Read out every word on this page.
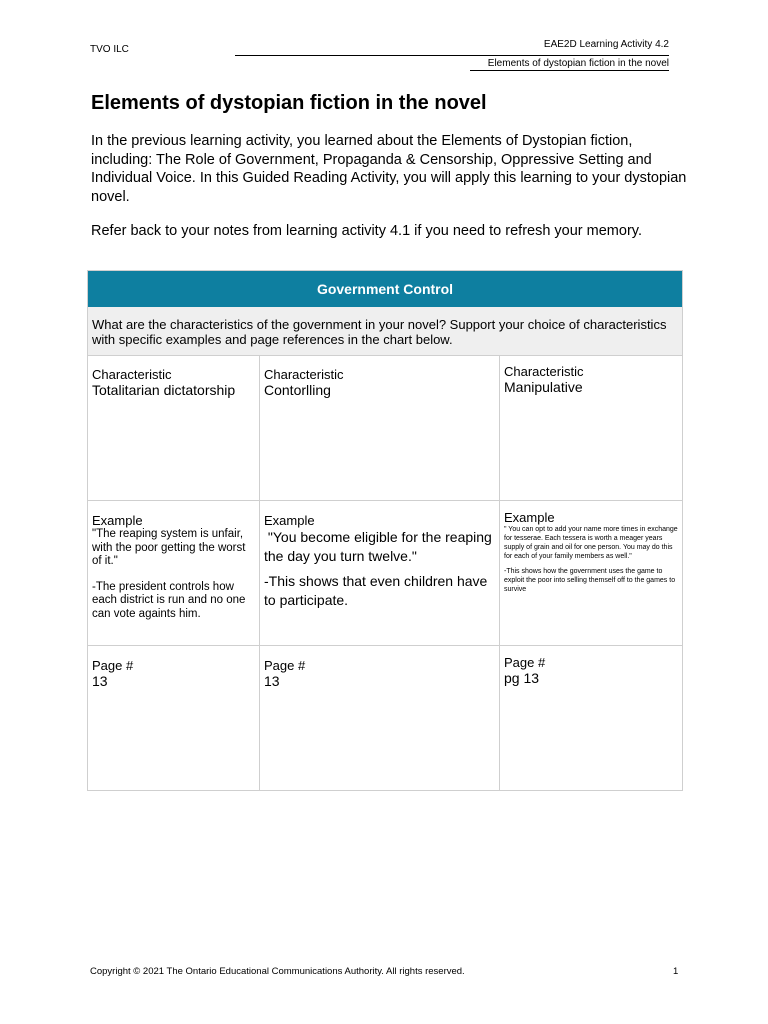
TVO ILC	EAE2D Learning Activity 4.2
Elements of dystopian fiction in the novel
Elements of dystopian fiction in the novel

In the previous learning activity, you learned about the Elements of Dystopian fiction, including: The Role of Government, Propaganda & Censorship, Oppressive Setting and Individual Voice. In this Guided Reading Activity, you will apply this learning to your dystopian novel.

Refer back to your notes from learning activity 4.1 if you need to refresh your memory.

Government Control
What are the characteristics of the government in your novel? Support your choice of characteristics with specific examples and page references in the chart below.
Characteristic
Totalitarian dictatorship
Characteristic
Contorlling
Characteristic
Manipulative
Example
"The reaping system is unfair, with the poor getting the worst of it."
-The president controls how each district is run and no one can vote againts him.
Example
"You become eligible for the reaping the day you turn twelve."
-This shows that even children have to participate.
Example
" You can opt to add your name more times in exchange for tesserae. Each tessera is worth a meager years supply of grain and oil for one person. You may do this for each of your family members as well."
-This shows how the government uses the game to exploit the poor into selling themself off to the games to survive
Page #
13
Page #
13
Page #
pg 13
Copyright © 2021 The Ontario Educational Communications Authority. All rights reserved.	1
